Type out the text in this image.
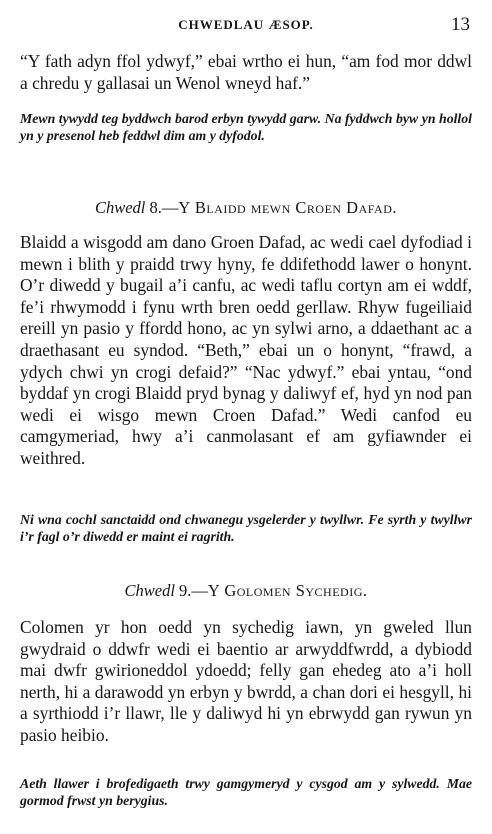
CHWEDLAU ÆSOP.	13

“Y fath adyn ffol ydwyf,” ebai wrtho ei hun, “am fod mor ddwl a chredu y gallasai un Wenol wneyd haf.”

Mewn tywydd teg byddwch barod erbyn tywydd garw. Na fyddwch byw yn hollol yn y presenol heb feddwl dim am y dyfodol.

Chwedl 8.—Y Blaidd mewn Croen Dafad.

Blaidd a wisgodd am dano Groen Dafad, ac wedi cael dyfodiad i mewn i blith y praidd trwy hyny, fe ddifethodd lawer o honynt. O’r diwedd y bugail a’i canfu, ac wedi taflu cortyn am ei wddf, fe’i rhwymodd i fynu wrth bren oedd gerllaw. Rhyw fugeiliaid ereill yn pasio y ffordd hono, ac yn sylwi arno, a ddaethant ac a draethasant eu syndod. “Beth,” ebai un o honynt, “frawd, a ydych chwi yn crogi defaid?” “Nac ydwyf.” ebai yntau, “ond byddaf yn crogi Blaidd pryd bynag y daliwyf ef, hyd yn nod pan wedi ei wisgo mewn Croen Dafad.” Wedi canfod eu camgymeriad, hwy a’i canmolasant ef am gyfiawnder ei weithred.

Ni wna cochl sanctaidd ond chwanegu ysgelerder y twyllwr. Fe syrth y twyllwr i’r fagl o’r diwedd er maint ei ragrith.

Chwedl 9.—Y Golomen Sychedig.

Colomen yr hon oedd yn sychedig iawn, yn gweled llun gwydraid o ddwfr wedi ei baentio ar arwyddfwrdd, a dybiodd mai dwfr gwirioneddol ydoedd; felly gan ehedeg ato a’i holl nerth, hi a darawodd yn erbyn y bwrdd, a chan dori ei hesgyll, hi a syrthiodd i’r llawr, lle y daliwyd hi yn ebrwydd gan rywun yn pasio heibio.

Aeth llawer i brofedigaeth trwy gamgymeryd y cysgod am y sylwedd. Mae gormod frwst yn berygius.
